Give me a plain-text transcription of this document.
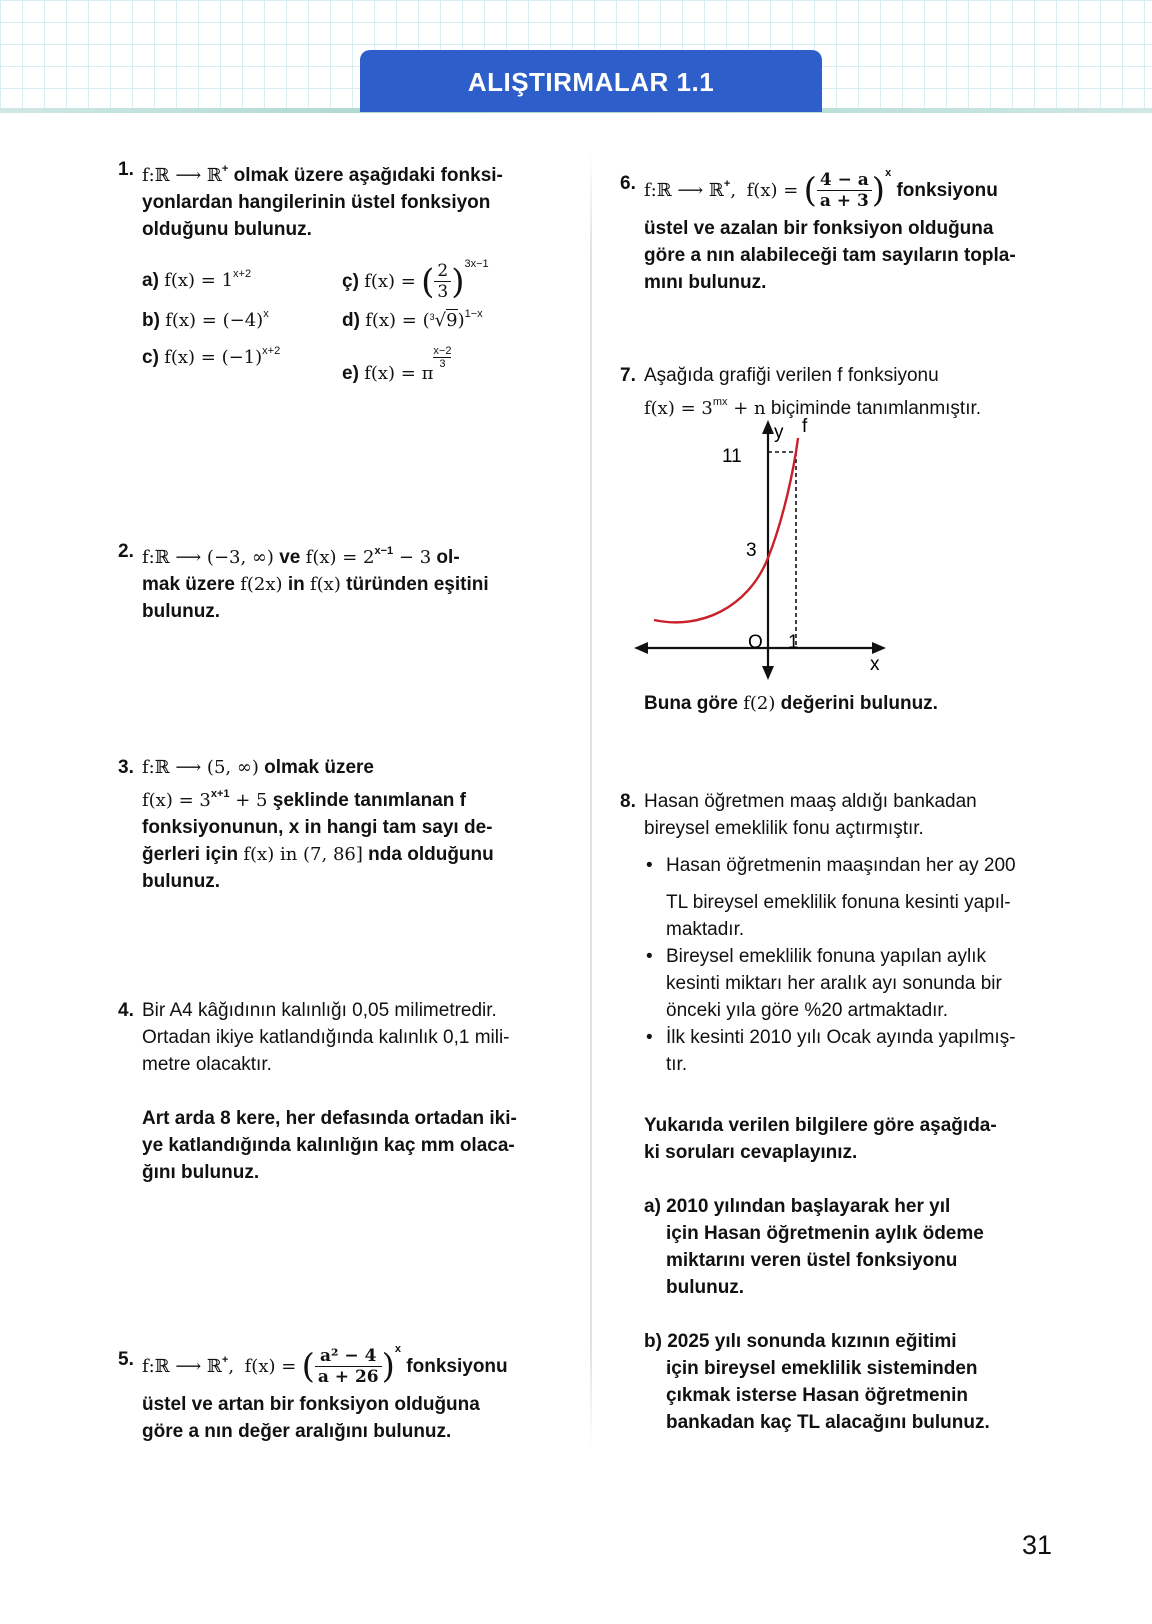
ALIŞTIRMALAR 1.1
1. f:ℝ ⟶ ℝ+ olmak üzere aşağıdaki fonksi-
yonlardan hangilerinin üstel fonksiyon
olduğunu bulunuz.
a) $f(x) = 1^{x+2}$
b) $f(x) = (-4)^x$
c) $f(x) = (-1)^{x+2}$
ç) f(x) = ( $\frac{2}{3} )^{3x-1}$
d) $f(x) = (^3√9)^{1-x}$
e) f(x) = π
$\frac{x-2}{3}$
2. f:ℝ ⟶ (−3, ∞) ve $f(x) = 2^{x-1} - 3$ ol-
mak üzere f(2x) in f(x) türünden eşitini
bulunuz.
3. f:ℝ ⟶ (5, ∞) olmak üzere
$f(x) = 3^{x+1} + 5$ şeklinde tanımlanan f
fonksiyonunun, x in hangi tam sayı de-
ğerleri için f(x) in (7, 86] nda olduğunu
bulunuz.
4. Bir A4 kâğıdının kalınlığı 0,05 milimetredir.
Ortadan ikiye katlandığında kalınlık 0,1 mili-
metre olacaktır.
Art arda 8 kere, her defasında ortadan iki-
ye katlandığında kalınlığın kaç mm olaca-
ğını bulunuz.
5. f:ℝ ⟶ ℝ+, f(x) = ( $\frac{\text{a² − 4}}{a + 26} )^x$ fonksiyonu
üstel ve artan bir fonksiyon olduğuna
göre a nın değer aralığını bulunuz.
6. f:ℝ ⟶ ℝ+, f(x) = ( $\frac{4 - a}{a + 3} )^x$ fonksiyonu
üstel ve azalan bir fonksiyon olduğuna
göre a nın alabileceği tam sayıların topla-
mını bulunuz.
7. Aşağıda grafiği verilen f fonksiyonu
$f(x) = 3^{mx} + n$ biçiminde tanımlanmıştır.
y f
11
3
O 1
x
Buna göre f(2) değerini bulunuz.
8. Hasan öğretmen maaş aldığı bankadan
bireysel emeklilik fonu açtırmıştır.
• Hasan öğretmenin maaşından her ay 200
TL bireysel emeklilik fonuna kesinti yapıl-
maktadır.
• Bireysel emeklilik fonuna yapılan aylık
kesinti miktarı her aralık ayı sonunda bir
önceki yıla göre %20 artmaktadır.
• İlk kesinti 2010 yılı Ocak ayında yapılmış-
tır.
Yukarıda verilen bilgilere göre aşağıda-
ki soruları cevaplayınız.
a) 2010 yılından başlayarak her yıl
için Hasan öğretmenin aylık ödeme
miktarını veren üstel fonksiyonu
bulunuz.
b) 2025 yılı sonunda kızının eğitimi
için bireysel emeklilik sisteminden
çıkmak isterse Hasan öğretmenin
bankadan kaç TL alacağını bulunuz.
31
